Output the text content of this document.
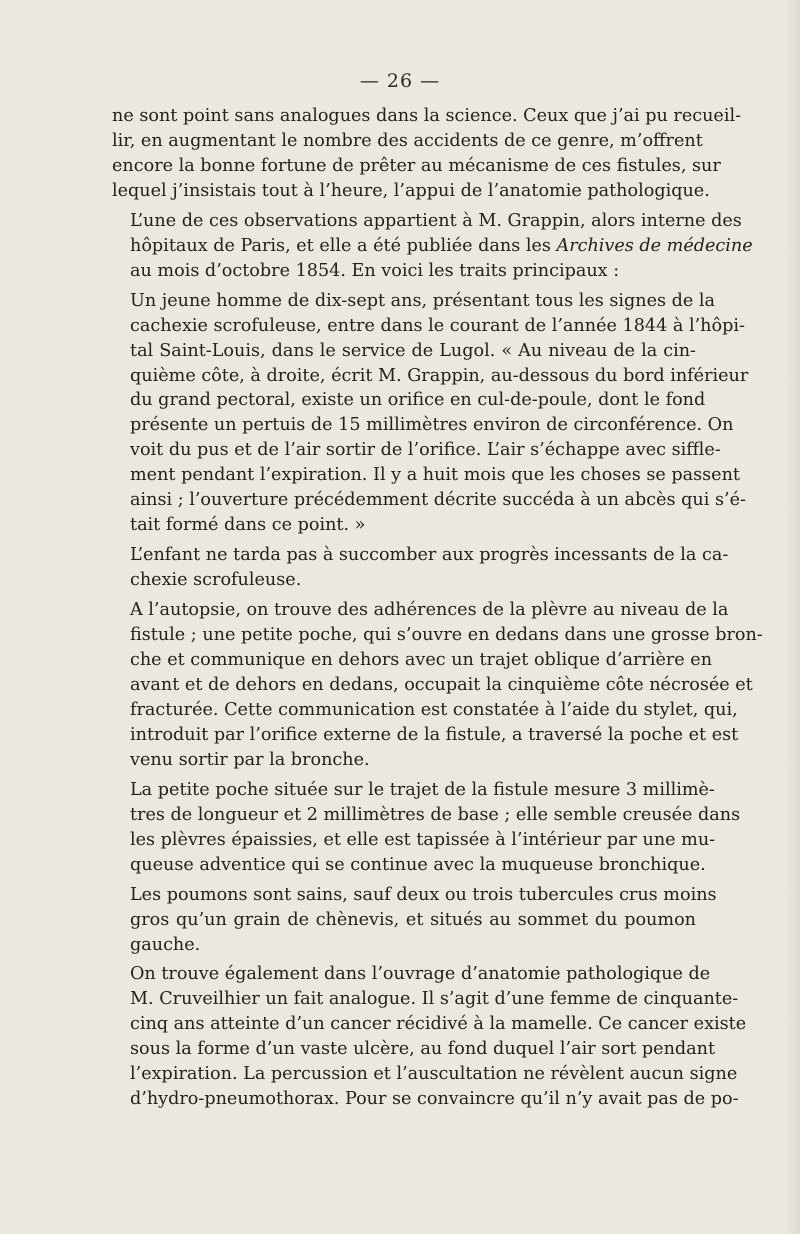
— 26 —

ne sont point sans analogues dans la science. Ceux que j’ai pu recueil-
lir, en augmentant le nombre des accidents de ce genre, m’offrent
encore la bonne fortune de prêter au mécanisme de ces fistules, sur
lequel j’insistais tout à l’heure, l’appui de l’anatomie pathologique.

L’une de ces observations appartient à M. Grappin, alors interne des
hôpitaux de Paris, et elle a été publiée dans les Archives de médecine
au mois d’octobre 1854. En voici les traits principaux :

Un jeune homme de dix-sept ans, présentant tous les signes de la
cachexie scrofuleuse, entre dans le courant de l’année 1844 à l’hôpi-
tal Saint-Louis, dans le service de Lugol. « Au niveau de la cin-
quième côte, à droite, écrit M. Grappin, au-dessous du bord inférieur
du grand pectoral, existe un orifice en cul-de-poule, dont le fond
présente un pertuis de 15 millimètres environ de circonférence. On
voit du pus et de l’air sortir de l’orifice. L’air s’échappe avec siffle-
ment pendant l’expiration. Il y a huit mois que les choses se passent
ainsi ; l’ouverture précédemment décrite succéda à un abcès qui s’é-
tait formé dans ce point. »

L’enfant ne tarda pas à succomber aux progrès incessants de la ca-
chexie scrofuleuse.

A l’autopsie, on trouve des adhérences de la plèvre au niveau de la
fistule ; une petite poche, qui s’ouvre en dedans dans une grosse bron-
che et communique en dehors avec un trajet oblique d’arrière en
avant et de dehors en dedans, occupait la cinquième côte nécrosée et
fracturée. Cette communication est constatée à l’aide du stylet, qui,
introduit par l’orifice externe de la fistule, a traversé la poche et est
venu sortir par la bronche.

La petite poche située sur le trajet de la fistule mesure 3 millimè-
tres de longueur et 2 millimètres de base ; elle semble creusée dans
les plèvres épaissies, et elle est tapissée à l’intérieur par une mu-
queuse adventice qui se continue avec la muqueuse bronchique.

Les poumons sont sains, sauf deux ou trois tubercules crus moins
gros qu’un grain de chènevis, et situés au sommet du poumon
gauche.

On trouve également dans l’ouvrage d’anatomie pathologique de
M. Cruveilhier un fait analogue. Il s’agit d’une femme de cinquante-
cinq ans atteinte d’un cancer récidivé à la mamelle. Ce cancer existe
sous la forme d’un vaste ulcère, au fond duquel l’air sort pendant
l’expiration. La percussion et l’auscultation ne révèlent aucun signe
d’hydro-pneumothorax. Pour se convaincre qu’il n’y avait pas de po-
